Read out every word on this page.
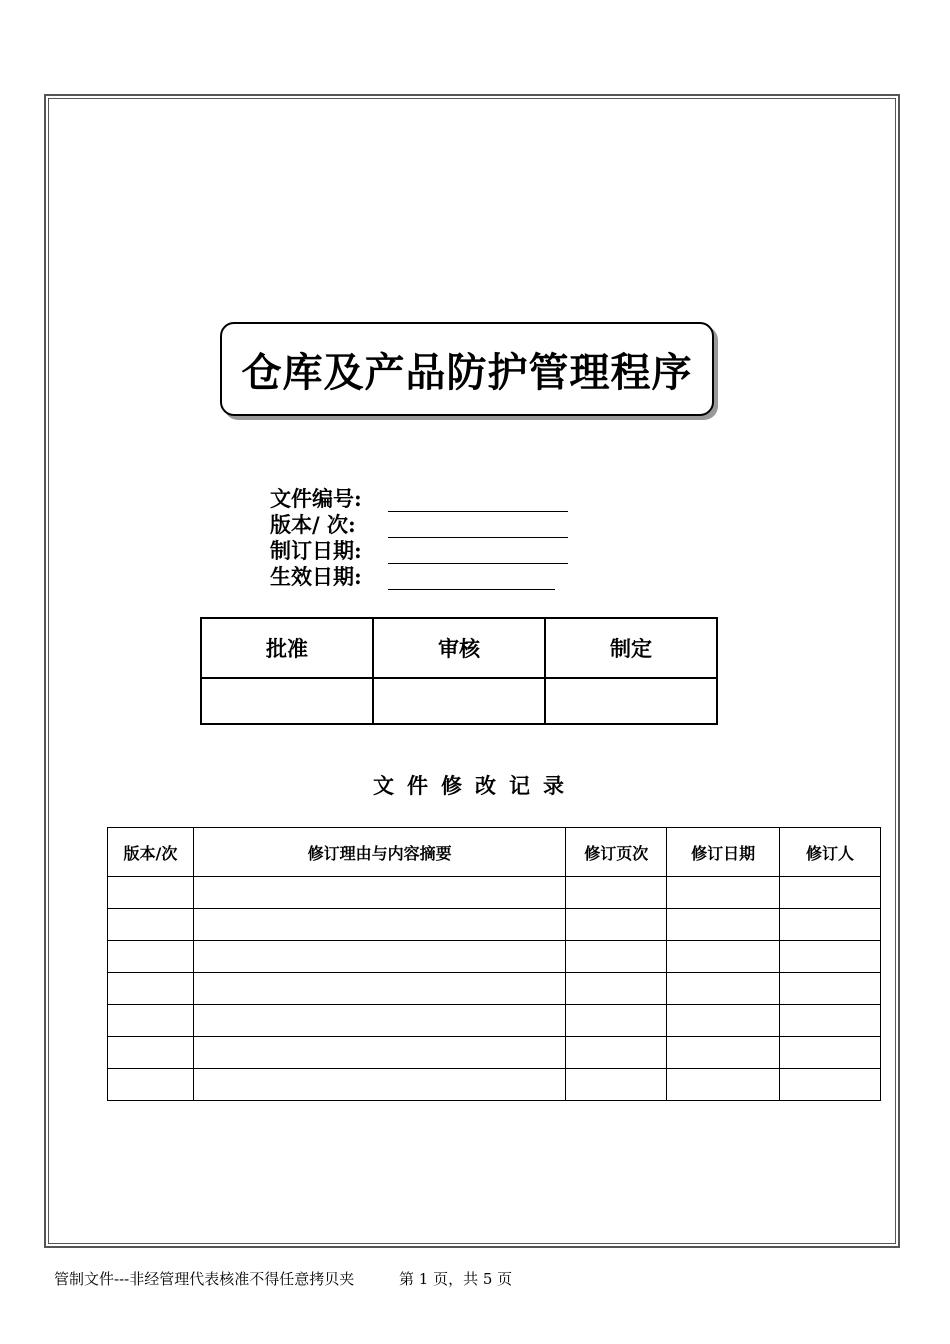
仓库及产品防护管理程序
文件编号:
版本/ 次:
制订日期:
生效日期:
批准	审核	制定

文件修改记录
版本/次	修订理由与内容摘要	修订页次	修订日期	修订人

管制文件---非经管理代表核准不得任意拷贝夹	第 1 页，共 5 页
